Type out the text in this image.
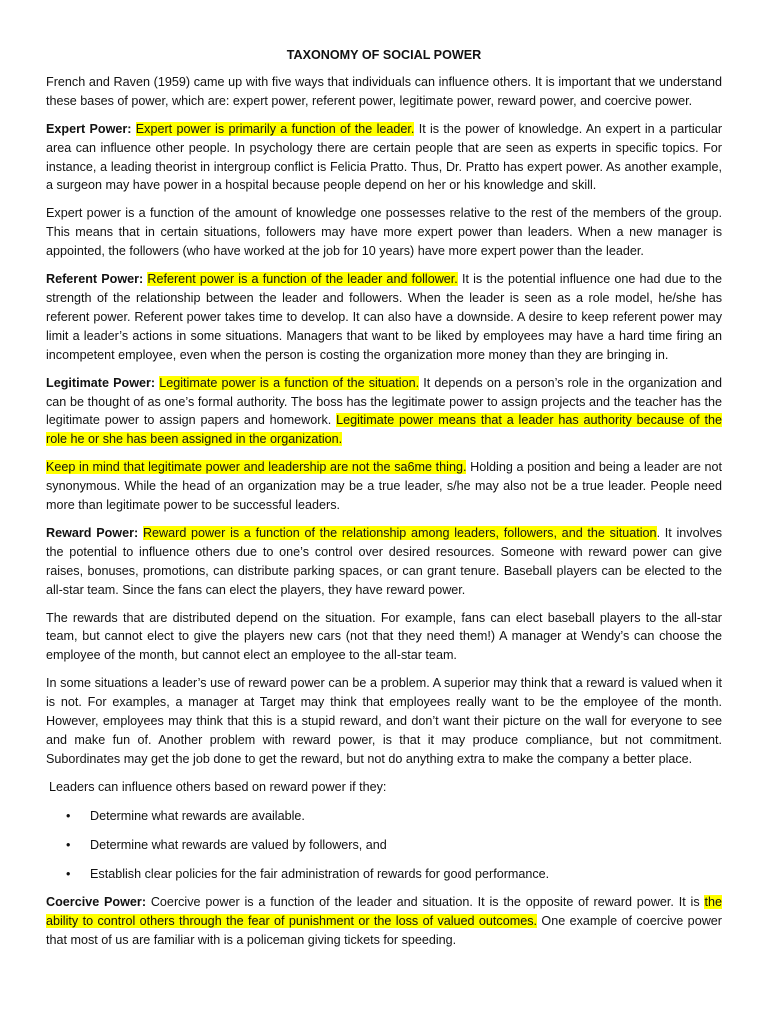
TAXONOMY OF SOCIAL POWER

French and Raven (1959) came up with five ways that individuals can influence others. It is important that we understand these bases of power, which are: expert power, referent power, legitimate power, reward power, and coercive power.

Expert Power: Expert power is primarily a function of the leader. It is the power of knowledge. An expert in a particular area can influence other people. In psychology there are certain people that are seen as experts in specific topics. For instance, a leading theorist in intergroup conflict is Felicia Pratto. Thus, Dr. Pratto has expert power. As another example, a surgeon may have power in a hospital because people depend on her or his knowledge and skill.

Expert power is a function of the amount of knowledge one possesses relative to the rest of the members of the group. This means that in certain situations, followers may have more expert power than leaders. When a new manager is appointed, the followers (who have worked at the job for 10 years) have more expert power than the leader.

Referent Power: Referent power is a function of the leader and follower. It is the potential influence one had due to the strength of the relationship between the leader and followers. When the leader is seen as a role model, he/she has referent power. Referent power takes time to develop. It can also have a downside. A desire to keep referent power may limit a leader’s actions in some situations. Managers that want to be liked by employees may have a hard time firing an incompetent employee, even when the person is costing the organization more money than they are bringing in.

Legitimate Power: Legitimate power is a function of the situation. It depends on a person’s role in the organization and can be thought of as one’s formal authority. The boss has the legitimate power to assign projects and the teacher has the legitimate power to assign papers and homework. Legitimate power means that a leader has authority because of the role he or she has been assigned in the organization.

Keep in mind that legitimate power and leadership are not the sa6me thing. Holding a position and being a leader are not synonymous. While the head of an organization may be a true leader, s/he may also not be a true leader. People need more than legitimate power to be successful leaders.

Reward Power: Reward power is a function of the relationship among leaders, followers, and the situation. It involves the potential to influence others due to one’s control over desired resources. Someone with reward power can give raises, bonuses, promotions, can distribute parking spaces, or can grant tenure. Baseball players can be elected to the all-star team. Since the fans can elect the players, they have reward power.

The rewards that are distributed depend on the situation. For example, fans can elect baseball players to the all-star team, but cannot elect to give the players new cars (not that they need them!) A manager at Wendy’s can choose the employee of the month, but cannot elect an employee to the all-star team.

In some situations a leader’s use of reward power can be a problem. A superior may think that a reward is valued when it is not. For examples, a manager at Target may think that employees really want to be the employee of the month. However, employees may think that this is a stupid reward, and don’t want their picture on the wall for everyone to see and make fun of. Another problem with reward power, is that it may produce compliance, but not commitment. Subordinates may get the job done to get the reward, but not do anything extra to make the company a better place.

Leaders can influence others based on reward power if they:

• Determine what rewards are available.
• Determine what rewards are valued by followers, and
• Establish clear policies for the fair administration of rewards for good performance.

Coercive Power: Coercive power is a function of the leader and situation. It is the opposite of reward power. It is the ability to control others through the fear of punishment or the loss of valued outcomes. One example of coercive power that most of us are familiar with is a policeman giving tickets for speeding.
